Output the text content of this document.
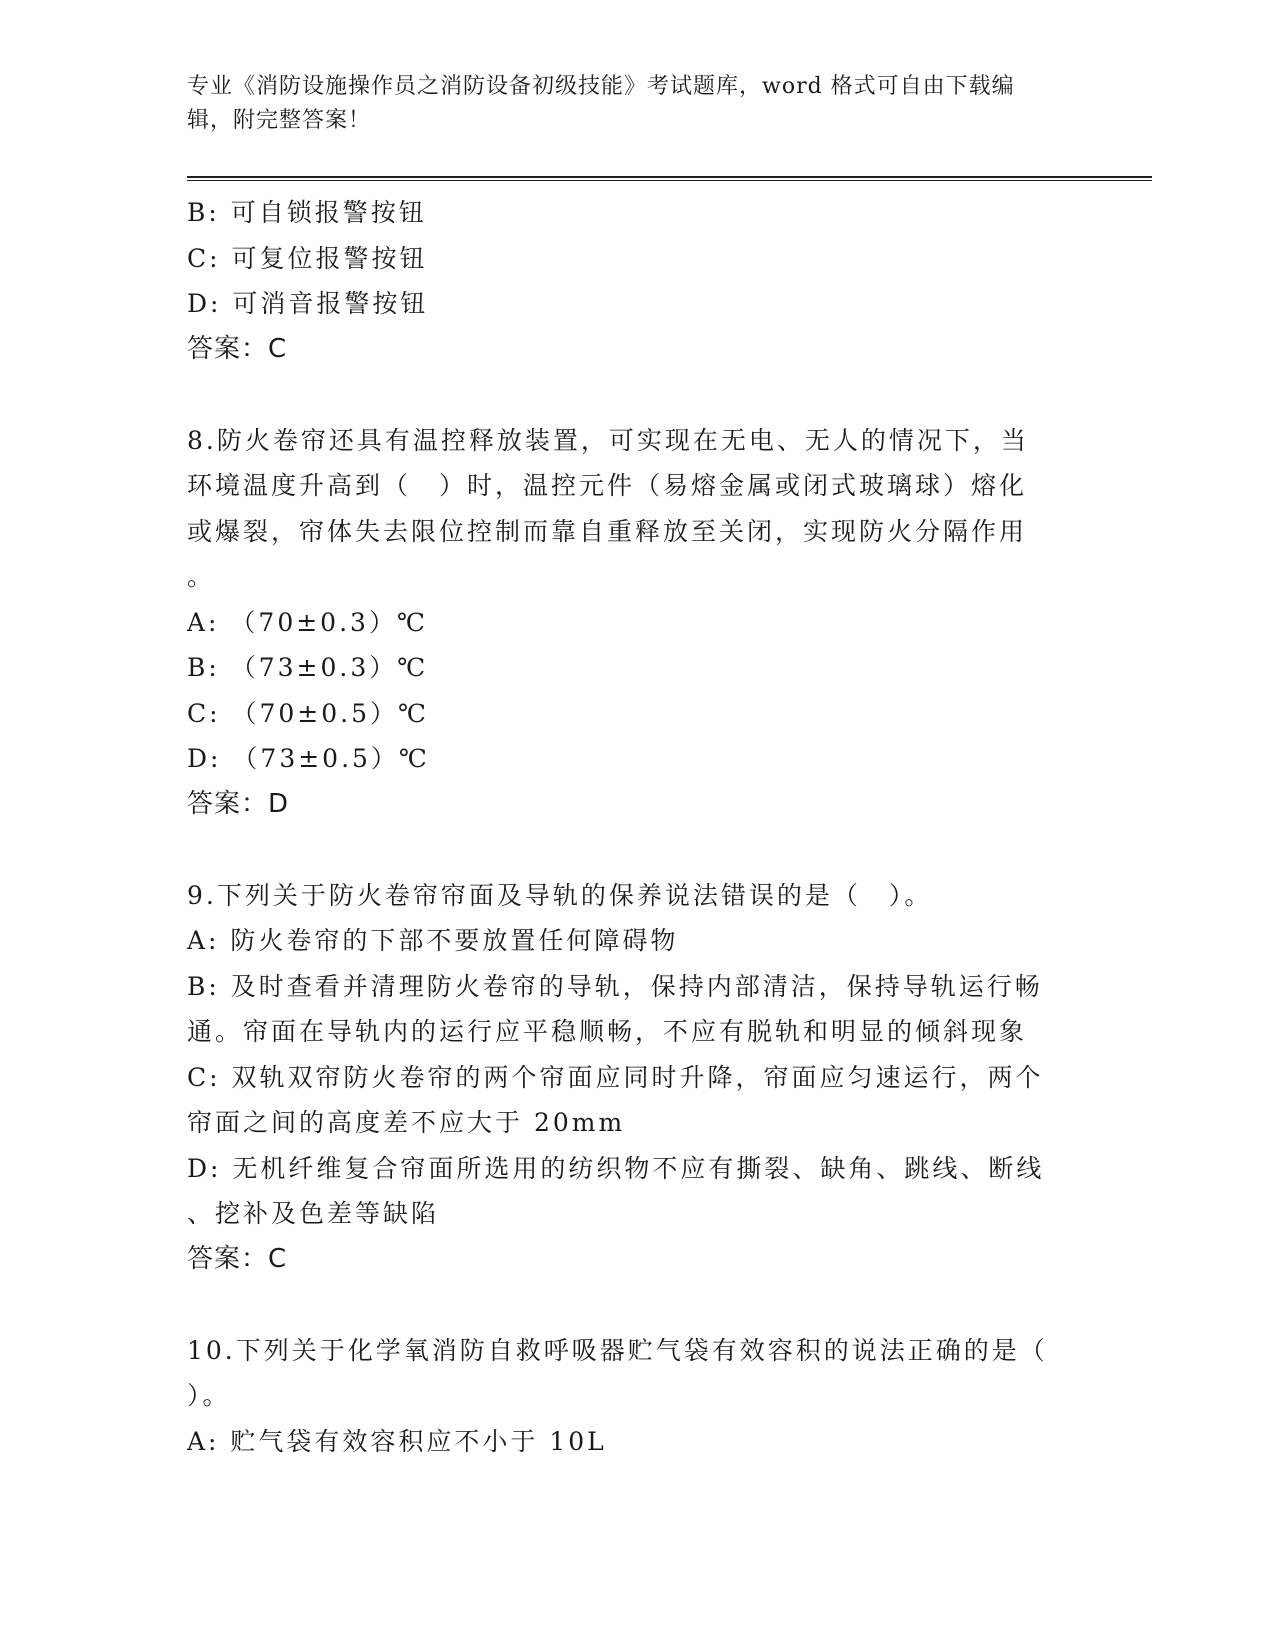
专业《消防设施操作员之消防设备初级技能》考试题库，word 格式可自由下载编
辑，附完整答案！
B: 可自锁报警按钮
C: 可复位报警按钮
D: 可消音报警按钮
答案：C
8.防火卷帘还具有温控释放装置，可实现在无电、无人的情况下，当
环境温度升高到（　）时，温控元件（易熔金属或闭式玻璃球）熔化
或爆裂，帘体失去限位控制而靠自重释放至关闭，实现防火分隔作用
。
A: （70±0.3）℃
B: （73±0.3）℃
C: （70±0.5）℃
D: （73±0.5）℃
答案：D
9.下列关于防火卷帘帘面及导轨的保养说法错误的是（　）。
A: 防火卷帘的下部不要放置任何障碍物
B: 及时查看并清理防火卷帘的导轨，保持内部清洁，保持导轨运行畅
通。帘面在导轨内的运行应平稳顺畅，不应有脱轨和明显的倾斜现象
C: 双轨双帘防火卷帘的两个帘面应同时升降，帘面应匀速运行，两个
帘面之间的高度差不应大于 20mm
D: 无机纤维复合帘面所选用的纺织物不应有撕裂、缺角、跳线、断线
、挖补及色差等缺陷
答案：C
10.下列关于化学氧消防自救呼吸器贮气袋有效容积的说法正确的是（
）。
A: 贮气袋有效容积应不小于 10L
